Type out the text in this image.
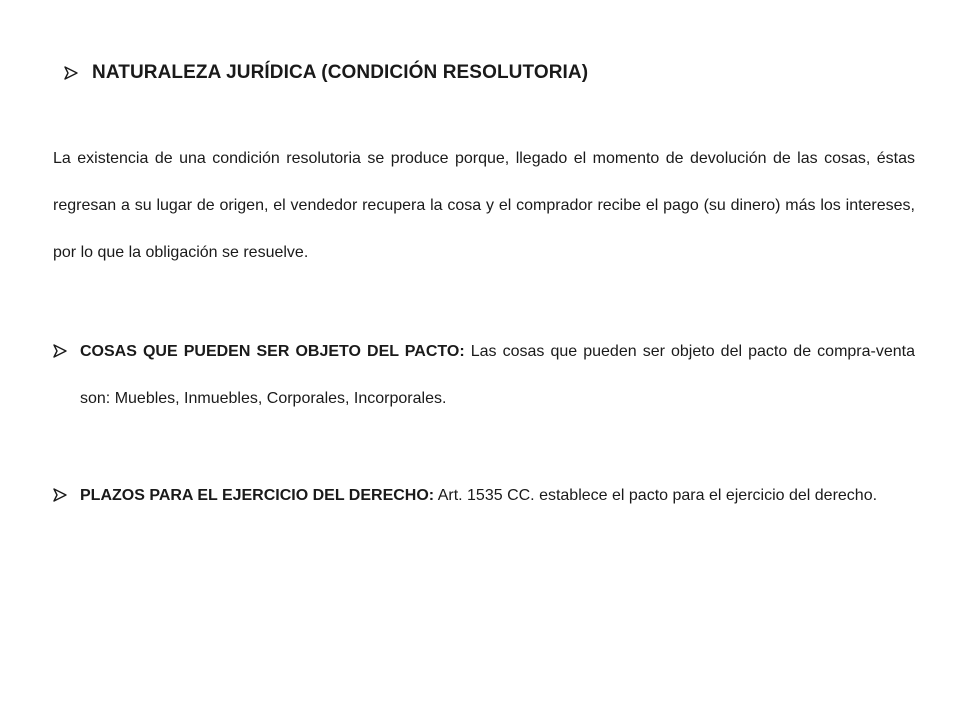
NATURALEZA JURÍDICA (CONDICIÓN RESOLUTORIA)

La existencia de una condición resolutoria se produce porque, llegado el momento de devolución de las cosas, éstas regresan a su lugar de origen, el vendedor recupera la cosa y el comprador recibe el pago (su dinero) más los intereses, por lo que la obligación se resuelve.

COSAS QUE PUEDEN SER OBJETO DEL PACTO: Las cosas que pueden ser objeto del pacto de compra-venta son: Muebles, Inmuebles, Corporales, Incorporales.

PLAZOS PARA EL EJERCICIO DEL DERECHO: Art. 1535 CC. establece el pacto para el ejercicio del derecho.
